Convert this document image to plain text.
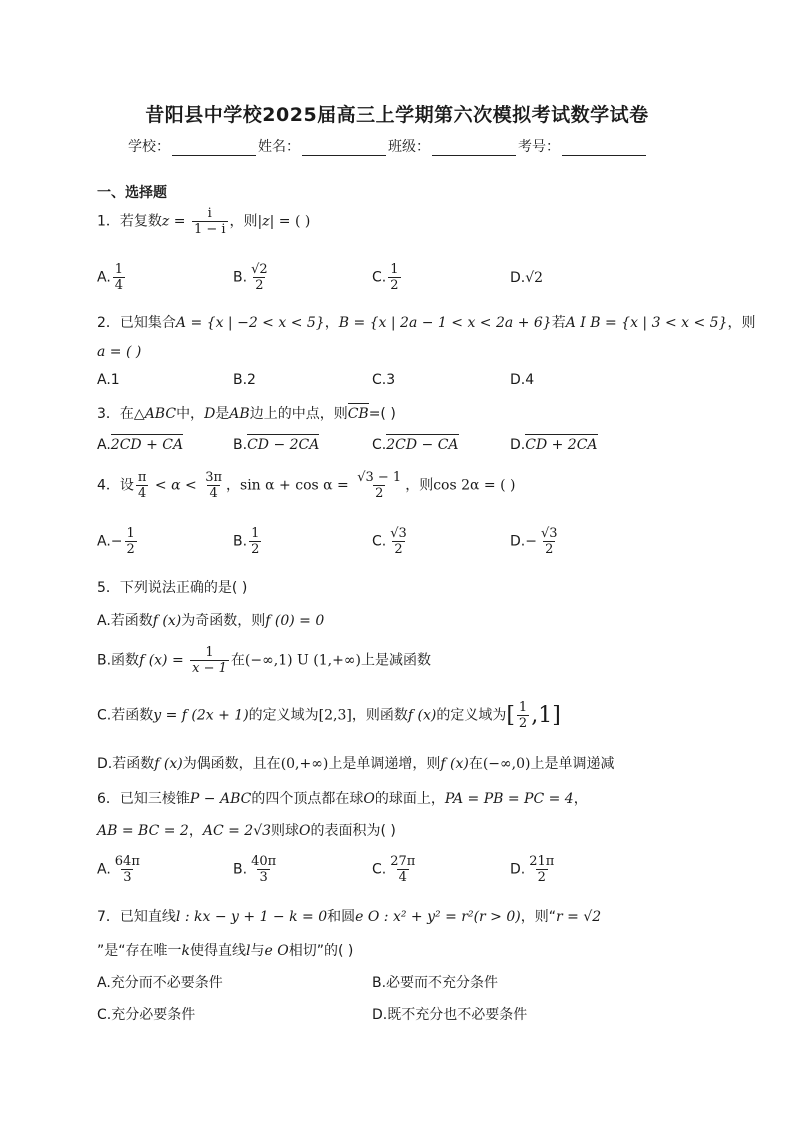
昔阳县中学校2025届高三上学期第六次模拟考试数学试卷
学校：	姓名：	班级：	考号：
一、选择题
1．若复数$z = \frac{i}{1 - i}$ ，则|z| = ( )
A. $\frac{1}{4}$	B. $\frac{√2}{2}$	C. $\frac{1}{2}$	D.√2
2．已知集合A = {x | −2 < x < 5}，B = {x | 2a − 1 < x < 2a + 6}若A I B = {x | 3 < x < 5}，则
a = ( )
A.1	B.2	C.3	D.4
3．在△ABC中，D是AB边上的中点，则CB=( )
A.2CD + CA	B.CD − 2CA	C.2CD − CA	D.CD + 2CA
4．设 $\frac{\pi}{4} < \alpha < \frac{3\pi}{4}$ ，$\sin \alpha + \cos \alpha = \frac{√3 - 1}{2}$ ，则cos 2α = ( )
$A.- \frac{1}{2}$	B. $\frac{1}{2}$	C. $\frac{√3}{2}$	$D.- \frac{√3}{2}$
5．下列说法正确的是( )
A.若函数f (x)为奇函数，则f (0) = 0
B.函数f $(x) = \frac{1}{x - 1}$ 在(−∞,1) U (1,+∞)上是减函数
C.若函数y = f (2x + 1)的定义域为[2,3]，则函数f (x)的定义域为[ $\frac{1}{2} ,1$]
D.若函数f (x)为偶函数，且在(0,+∞)上是单调递增，则f (x)在(−∞,0)上是单调递减
6．已知三棱锥P − ABC的四个顶点都在球O的球面上，PA = PB = PC = 4，
AB = BC = 2，AC = 2√3则球O的表面积为( )
A. $\frac{64\pi}{3}$	B. $\frac{40\pi}{3}$	C. $\frac{27\pi}{4}$	D. $\frac{21\pi}{2}$
7．已知直线l : kx − y + 1 − k = 0和圆e O : x² + y² = r²(r > 0)，则“r = √2
”是“存在唯一k使得直线l与e O相切”的( )
A.充分而不必要条件	B.必要而不充分条件
C.充分必要条件	D.既不充分也不必要条件
